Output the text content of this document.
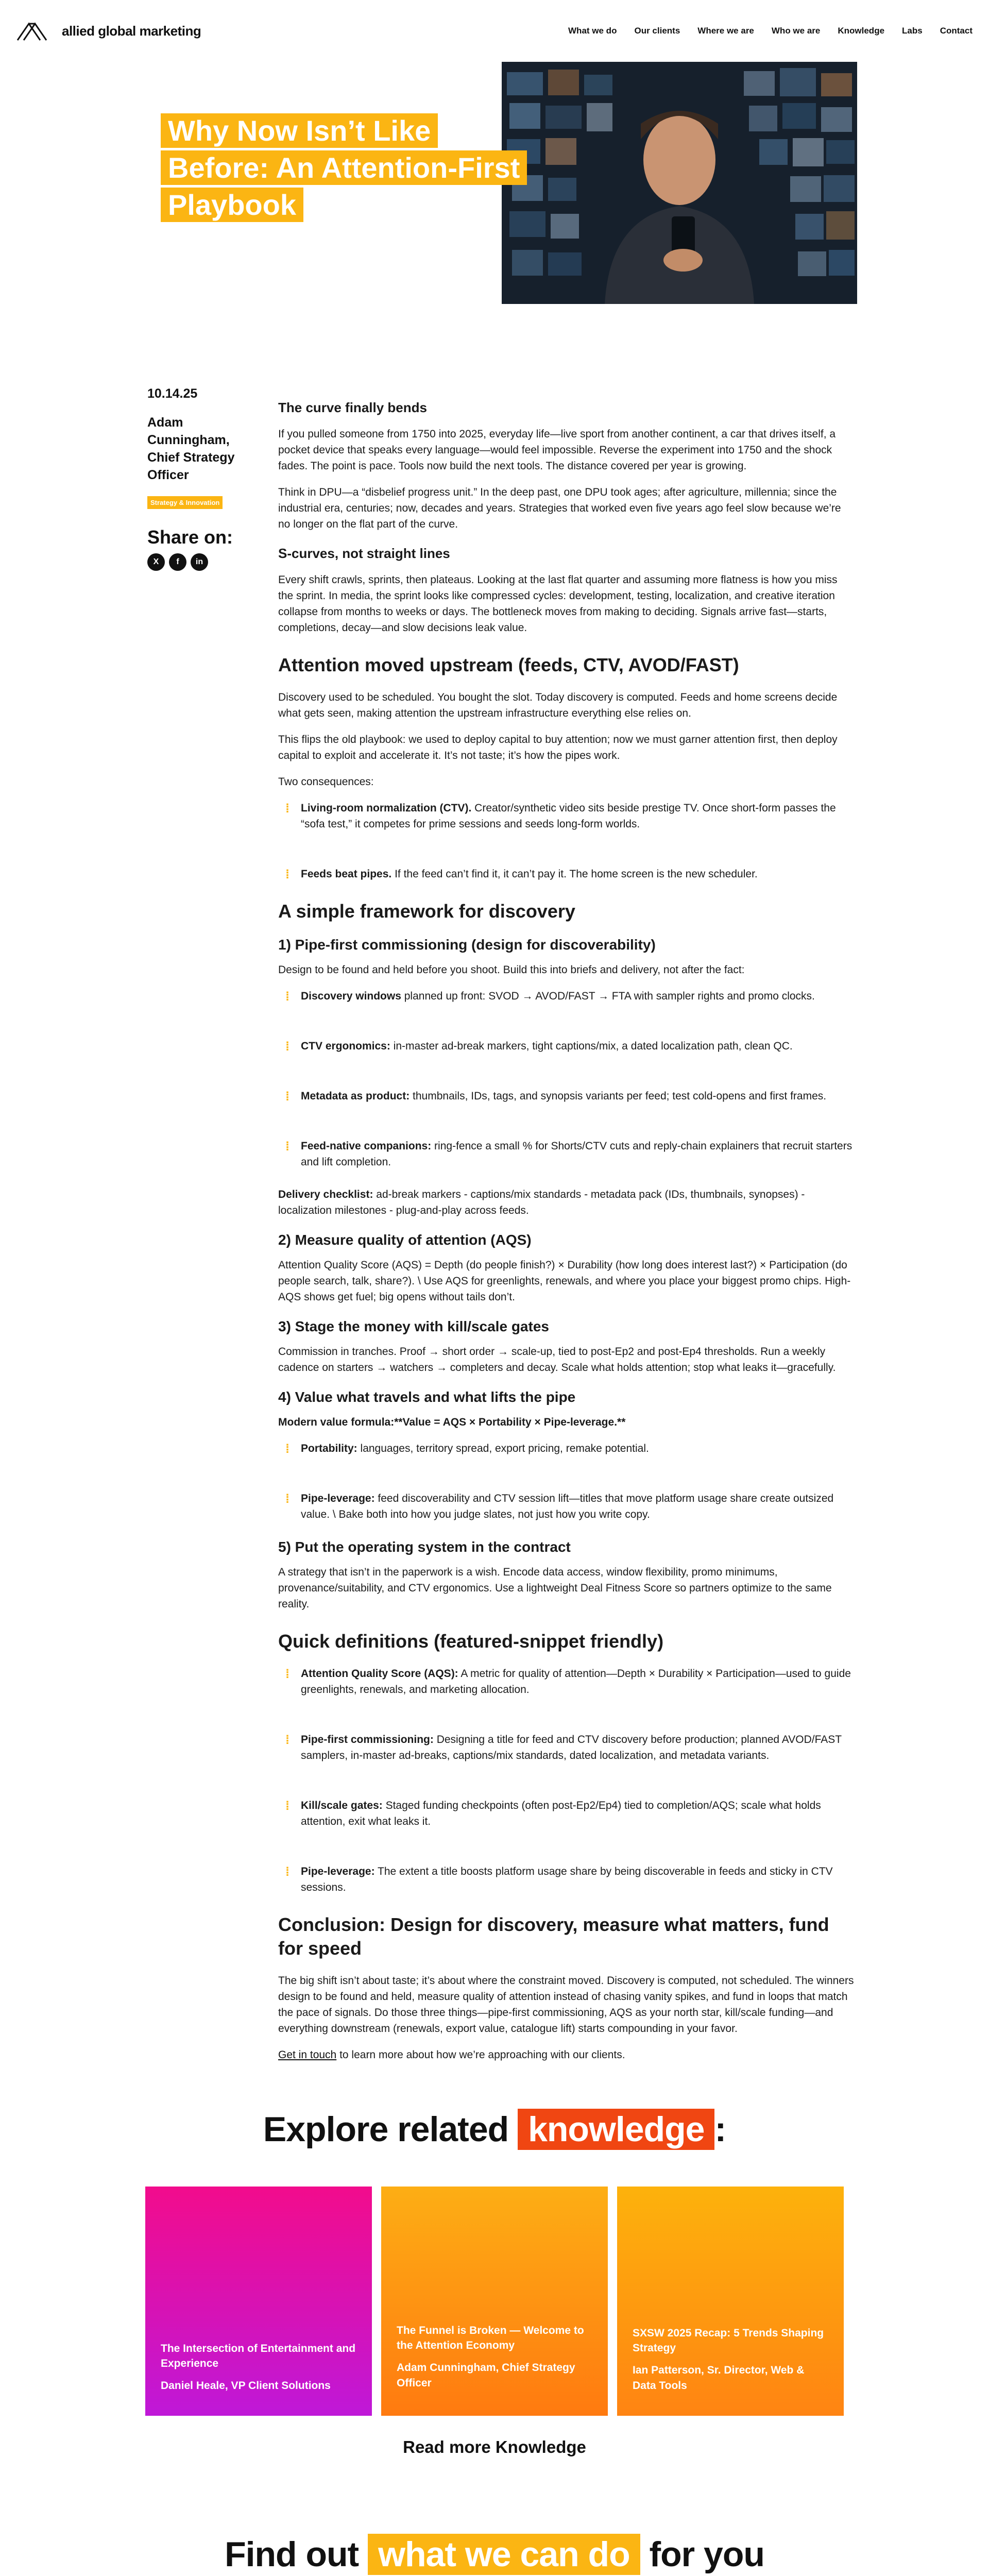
allied global marketing	What we do Our clients Where we are Who we are Knowledge Labs Contact
Why Now Isn’t Like Before: An Attention-First Playbook
10.14.25
Adam Cunningham, Chief Strategy Officer
Strategy & Innovation
Share on:
X	f	in
The curve finally bends

If you pulled someone from 1750 into 2025, everyday life—live sport from another continent, a car that drives itself, a pocket device that speaks every language—would feel impossible. Reverse the experiment into 1750 and the shock fades. The point is pace. Tools now build the next tools. The distance covered per year is growing.

Think in DPU—a “disbelief progress unit.” In the deep past, one DPU took ages; after agriculture, millennia; since the industrial era, centuries; now, decades and years. Strategies that worked even five years ago feel slow because we’re no longer on the flat part of the curve.

S-curves, not straight lines

Every shift crawls, sprints, then plateaus. Looking at the last flat quarter and assuming more flatness is how you miss the sprint. In media, the sprint looks like compressed cycles: development, testing, localization, and creative iteration collapse from months to weeks or days. The bottleneck moves from making to deciding. Signals arrive fast—starts, completions, decay—and slow decisions leak value.

Attention moved upstream (feeds, CTV, AVOD/FAST)

Discovery used to be scheduled. You bought the slot. Today discovery is computed. Feeds and home screens decide what gets seen, making attention the upstream infrastructure everything else relies on.

This flips the old playbook: we used to deploy capital to buy attention; now we must garner attention first, then deploy capital to exploit and accelerate it. It’s not taste; it’s how the pipes work.

Two consequences:

⁞ Living-room normalization (CTV). Creator/synthetic video sits beside prestige TV. Once short-form passes the “sofa test,” it competes for prime sessions and seeds long-form worlds.
⁞ Feeds beat pipes. If the feed can’t find it, it can’t pay it. The home screen is the new scheduler.
A simple framework for discovery
1) Pipe-first commissioning (design for discoverability)

Design to be found and held before you shoot. Build this into briefs and delivery, not after the fact:

⁞ Discovery windows planned up front: SVOD → AVOD/FAST → FTA with sampler rights and promo clocks.
⁞ CTV ergonomics: in-master ad-break markers, tight captions/mix, a dated localization path, clean QC.
⁞ Metadata as product: thumbnails, IDs, tags, and synopsis variants per feed; test cold-opens and first frames.
⁞ Feed-native companions: ring-fence a small % for Shorts/CTV cuts and reply-chain explainers that recruit starters and lift completion.

Delivery checklist: ad-break markers - captions/mix standards - metadata pack (IDs, thumbnails, synopses) - localization milestones - plug-and-play across feeds.

2) Measure quality of attention (AQS)

Attention Quality Score (AQS) = Depth (do people finish?) × Durability (how long does interest last?) × Participation (do people search, talk, share?). \ Use AQS for greenlights, renewals, and where you place your biggest promo chips. High-AQS shows get fuel; big opens without tails don’t.

3) Stage the money with kill/scale gates

Commission in tranches. Proof → short order → scale-up, tied to post-Ep2 and post-Ep4 thresholds. Run a weekly cadence on starters → watchers → completers and decay. Scale what holds attention; stop what leaks it—gracefully.

4) Value what travels and what lifts the pipe

Modern value formula:**Value = AQS × Portability × Pipe-leverage.**

⁞ Portability: languages, territory spread, export pricing, remake potential.
⁞ Pipe-leverage: feed discoverability and CTV session lift—titles that move platform usage share create outsized value. \ Bake both into how you judge slates, not just how you write copy.
5) Put the operating system in the contract

A strategy that isn’t in the paperwork is a wish. Encode data access, window flexibility, promo minimums, provenance/suitability, and CTV ergonomics. Use a lightweight Deal Fitness Score so partners optimize to the same reality.

Quick definitions (featured-snippet friendly)
⁞ Attention Quality Score (AQS): A metric for quality of attention—Depth × Durability × Participation—used to guide greenlights, renewals, and marketing allocation.
⁞ Pipe-first commissioning: Designing a title for feed and CTV discovery before production; planned AVOD/FAST samplers, in-master ad-breaks, captions/mix standards, dated localization, and metadata variants.
⁞ Kill/scale gates: Staged funding checkpoints (often post-Ep2/Ep4) tied to completion/AQS; scale what holds attention, exit what leaks it.
⁞ Pipe-leverage: The extent a title boosts platform usage share by being discoverable in feeds and sticky in CTV sessions.
Conclusion: Design for discovery, measure what matters, fund for speed

The big shift isn’t about taste; it’s about where the constraint moved. Discovery is computed, not scheduled. The winners design to be found and held, measure quality of attention instead of chasing vanity spikes, and fund in loops that match the pace of signals. Do those three things—pipe-first commissioning, AQS as your north star, kill/scale funding—and everything downstream (renewals, export value, catalogue lift) starts compounding in your favor.

Get in touch to learn more about how we’re approaching with our clients.

Explore related knowledge :
The Intersection of Entertainment and Experience
Daniel Heale, VP Client Solutions
The Funnel is Broken — Welcome to the Attention Economy
Adam Cunningham, Chief Strategy Officer
SXSW 2025 Recap: 5 Trends Shaping Strategy
Ian Patterson, Sr. Director, Web & Data Tools
Read more Knowledge
Find out what we can do for you
